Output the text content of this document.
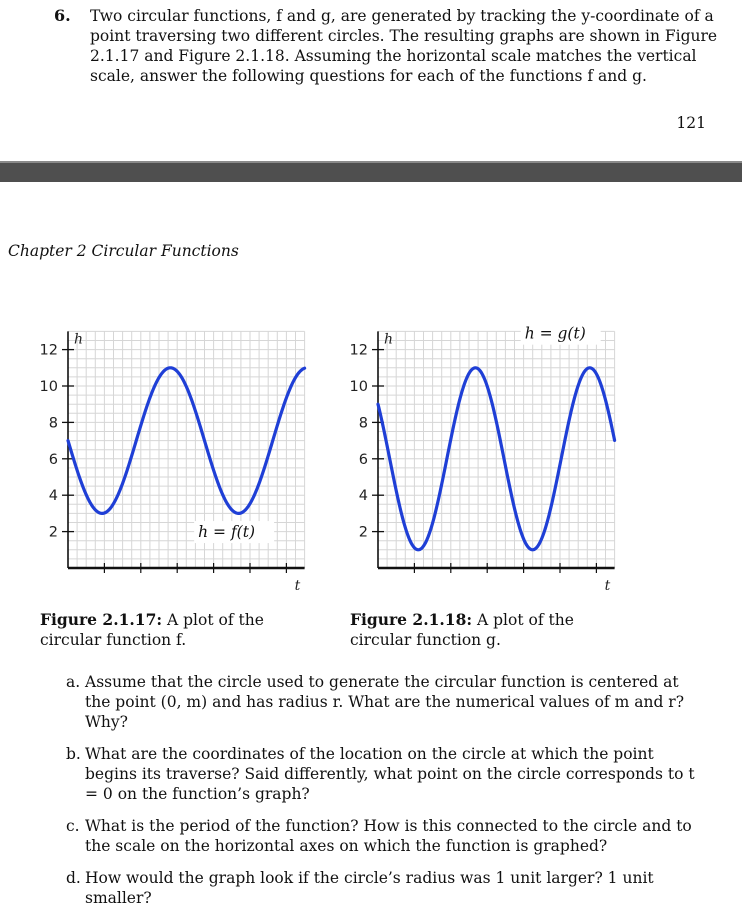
6. Two circular functions, f and g, are generated by tracking the y-coordinate of a point traversing two different circles. The resulting graphs are shown in Figure 2.1.17 and Figure 2.1.18. Assuming the horizontal scale matches the vertical scale, answer the following questions for each of the functions f and g.
121
Chapter 2 Circular Functions
2
4
6
8
10
12
h
t
h = f(t)	2
4
6
8
10
12
h
t
h = g(t)
Figure 2.1.17: A plot of the circular function f.
Figure 2.1.18: A plot of the circular function g.
a. Assume that the circle used to generate the circular function is centered at the point (0, m) and has radius r. What are the numerical values of m and r? Why?
b. What are the coordinates of the location on the circle at which the point begins its traverse? Said differently, what point on the circle corresponds to t = 0 on the function’s graph?
c. What is the period of the function? How is this connected to the circle and to the scale on the horizontal axes on which the function is graphed?
d. How would the graph look if the circle’s radius was 1 unit larger? 1 unit smaller?
